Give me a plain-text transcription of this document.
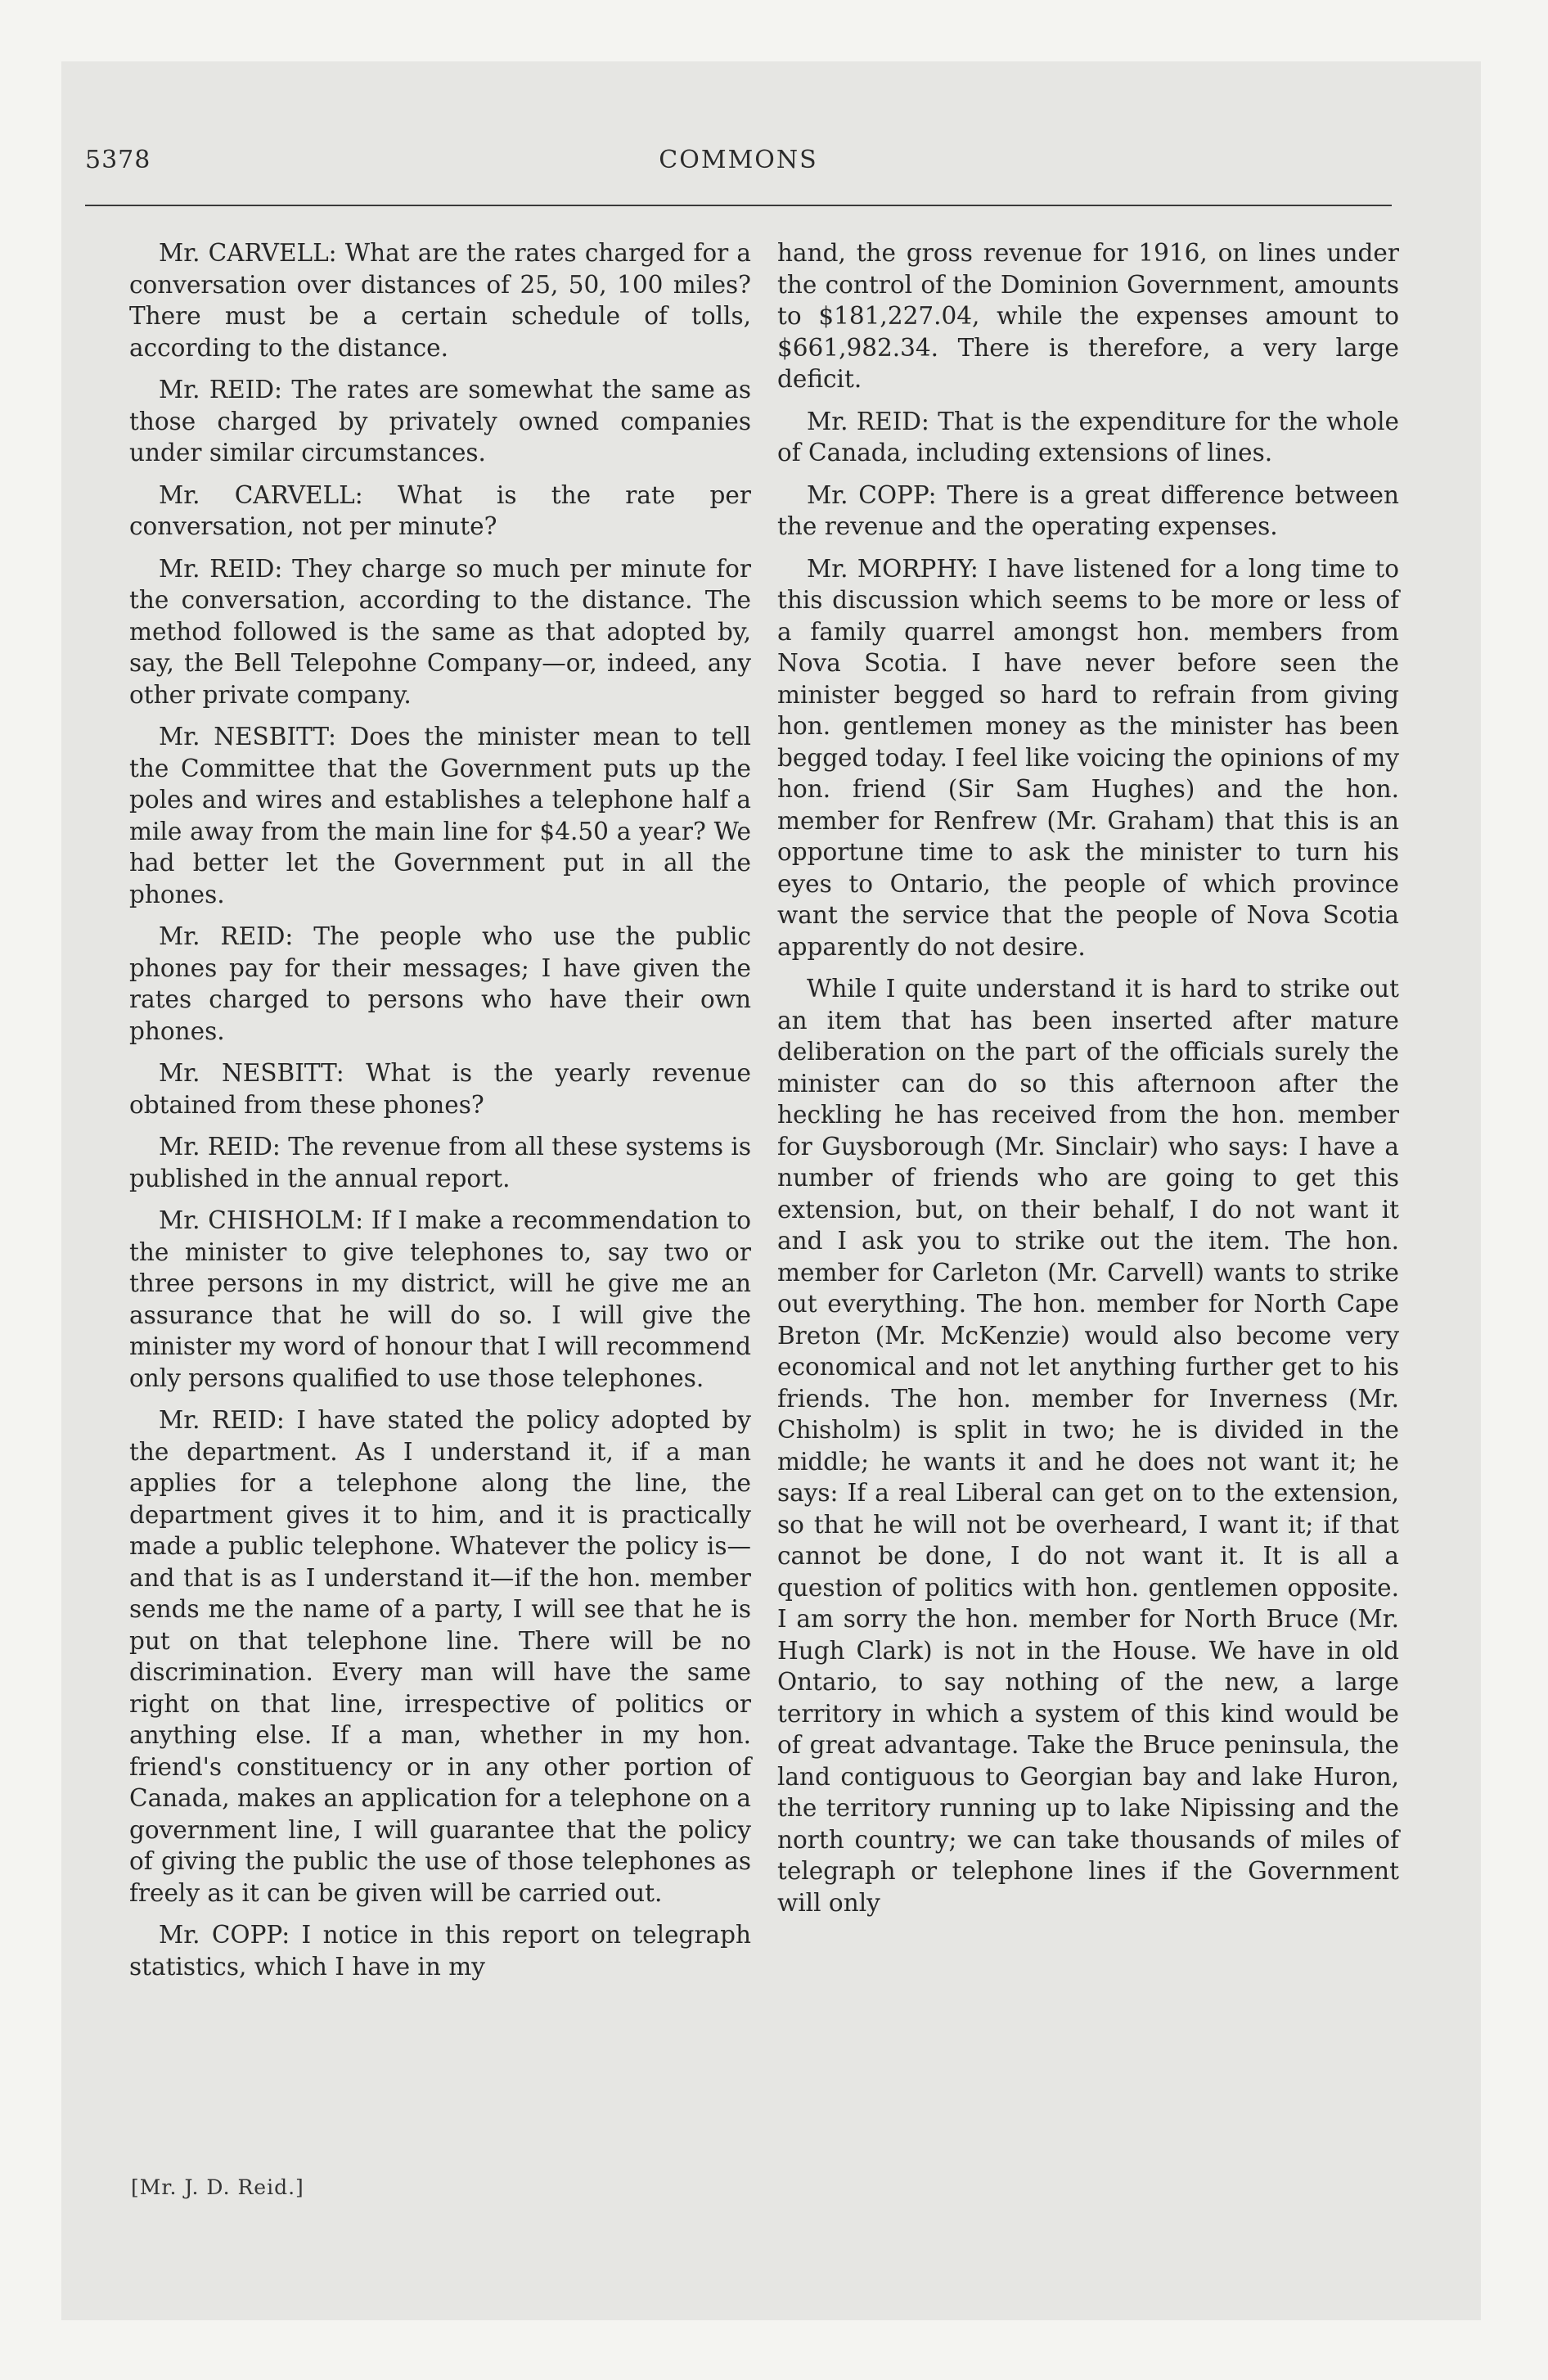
5378	COMMONS

Mr. CARVELL: What are the rates charged for a conversation over distances of 25, 50, 100 miles? There must be a certain schedule of tolls, according to the distance.

Mr. REID: The rates are somewhat the same as those charged by privately owned companies under similar circumstances.

Mr. CARVELL: What is the rate per conversation, not per minute?

Mr. REID: They charge so much per minute for the conversation, according to the distance. The method followed is the same as that adopted by, say, the Bell Telepohne Company—or, indeed, any other private company.

Mr. NESBITT: Does the minister mean to tell the Committee that the Government puts up the poles and wires and establishes a telephone half a mile away from the main line for $4.50 a year? We had better let the Government put in all the phones.

Mr. REID: The people who use the public phones pay for their messages; I have given the rates charged to persons who have their own phones.

Mr. NESBITT: What is the yearly revenue obtained from these phones?

Mr. REID: The revenue from all these systems is published in the annual report.

Mr. CHISHOLM: If I make a recommendation to the minister to give telephones to, say two or three persons in my district, will he give me an assurance that he will do so. I will give the minister my word of honour that I will recommend only persons qualified to use those telephones.

Mr. REID: I have stated the policy adopted by the department. As I understand it, if a man applies for a telephone along the line, the department gives it to him, and it is practically made a public telephone. Whatever the policy is—and that is as I understand it—if the hon. member sends me the name of a party, I will see that he is put on that telephone line. There will be no discrimination. Every man will have the same right on that line, irrespective of politics or anything else. If a man, whether in my hon. friend's constituency or in any other portion of Canada, makes an application for a telephone on a government line, I will guarantee that the policy of giving the public the use of those telephones as freely as it can be given will be carried out.

Mr. COPP: I notice in this report on telegraph statistics, which I have in my

hand, the gross revenue for 1916, on lines under the control of the Dominion Government, amounts to $181,227.04, while the expenses amount to $661,982.34. There is therefore, a very large deficit.

Mr. REID: That is the expenditure for the whole of Canada, including extensions of lines.

Mr. COPP: There is a great difference between the revenue and the operating expenses.

Mr. MORPHY: I have listened for a long time to this discussion which seems to be more or less of a family quarrel amongst hon. members from Nova Scotia. I have never before seen the minister begged so hard to refrain from giving hon. gentlemen money as the minister has been begged today. I feel like voicing the opinions of my hon. friend (Sir Sam Hughes) and the hon. member for Renfrew (Mr. Graham) that this is an opportune time to ask the minister to turn his eyes to Ontario, the people of which province want the service that the people of Nova Scotia apparently do not desire.

While I quite understand it is hard to strike out an item that has been inserted after mature deliberation on the part of the officials surely the minister can do so this afternoon after the heckling he has received from the hon. member for Guysborough (Mr. Sinclair) who says: I have a number of friends who are going to get this extension, but, on their behalf, I do not want it and I ask you to strike out the item. The hon. member for Carleton (Mr. Carvell) wants to strike out everything. The hon. member for North Cape Breton (Mr. McKenzie) would also become very economical and not let anything further get to his friends. The hon. member for Inverness (Mr. Chisholm) is split in two; he is divided in the middle; he wants it and he does not want it; he says: If a real Liberal can get on to the extension, so that he will not be overheard, I want it; if that cannot be done, I do not want it. It is all a question of politics with hon. gentlemen opposite. I am sorry the hon. member for North Bruce (Mr. Hugh Clark) is not in the House. We have in old Ontario, to say nothing of the new, a large territory in which a system of this kind would be of great advantage. Take the Bruce peninsula, the land contiguous to Georgian bay and lake Huron, the territory running up to lake Nipissing and the north country; we can take thousands of miles of telegraph or telephone lines if the Government will only

[Mr. J. D. Reid.]
